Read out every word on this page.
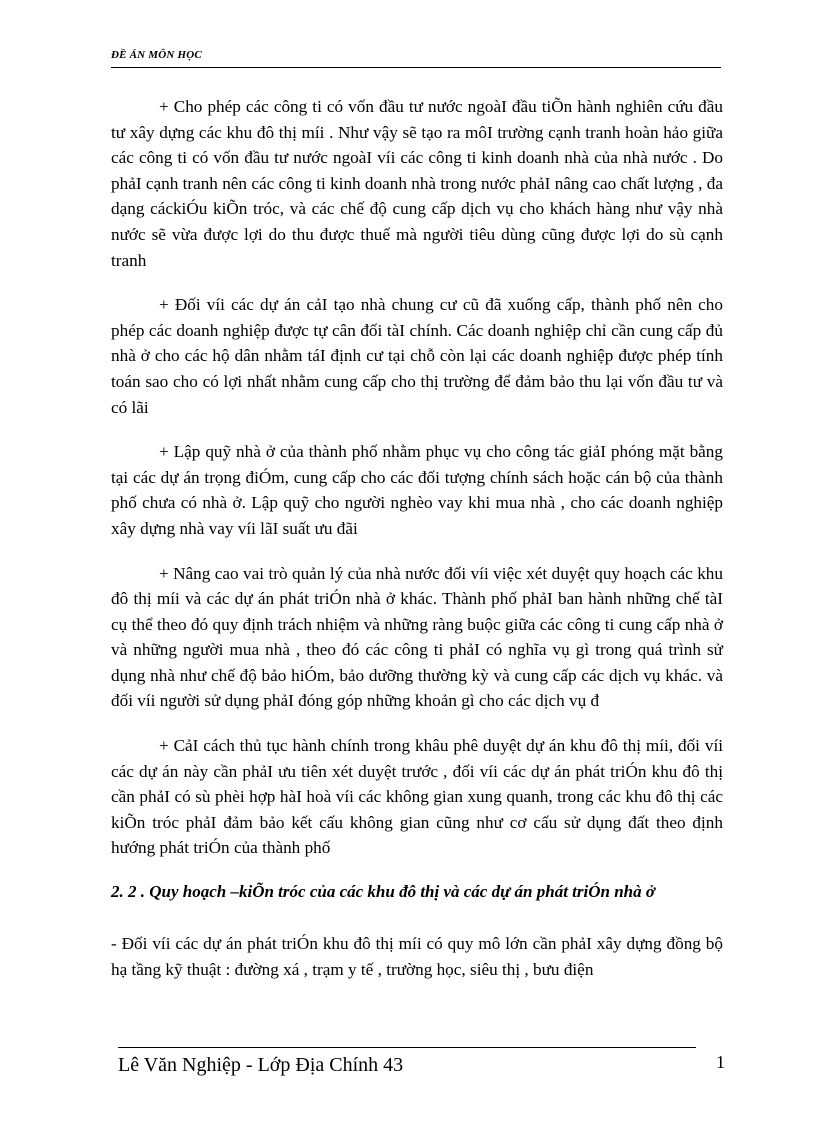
ĐỀ ÁN MÔN HỌC

+ Cho phép các công ti có vốn đầu tư nước ngoàI đầu tiÕn hành nghiên cứu đầu tư xây dựng các khu đô thị míi . Như vậy sẽ tạo ra môI trường cạnh tranh hoàn hảo giữa các công ti có vốn đầu tư nước ngoàI víi các công ti kinh doanh nhà của nhà nước . Do phảI cạnh tranh nên các công ti kinh doanh nhà trong nước phảI nâng cao chất lượng , đa dạng cáckiÓu kiÕn tróc, và các chế độ cung cấp dịch vụ cho khách hàng như vậy nhà nước sẽ vừa được lợi do thu được thuế mà người tiêu dùng cũng được lợi do sù cạnh tranh

+ Đối víi các dự án cảI tạo nhà chung cư cũ đã xuống cấp, thành phố nên cho phép các doanh nghiệp được tự cân đối tàI chính. Các doanh nghiệp chỉ cần cung cấp đủ nhà ở cho các hộ dân nhằm táI định cư tại chỗ còn lại các doanh nghiệp được phép tính toán sao cho có lợi nhất nhằm cung cấp cho thị trường để đảm bảo thu lại vốn đầu tư và có lãi

+ Lập quỹ nhà ở của thành phố nhằm phục vụ cho công tác giảI phóng mặt bằng tại các dự án trọng điÓm, cung cấp cho các đối tượng chính sách hoặc cán bộ của thành phố chưa có nhà ở. Lập quỹ cho người nghèo vay khi mua nhà , cho các doanh nghiệp xây dựng nhà vay víi lãI suất ưu đãi

+ Nâng cao vai trò quản lý của nhà nước đối víi việc xét duyệt quy hoạch các khu đô thị míi và các dự án phát triÓn nhà ở khác. Thành phố phảI ban hành những chế tàI cụ thể theo đó quy định trách nhiệm và những ràng buộc giữa các công ti cung cấp nhà ở và những người mua nhà , theo đó các công ti phảI có nghĩa vụ gì trong quá trình sử dụng nhà như chế độ bảo hiÓm, bảo dưỡng thường kỳ và cung cấp các dịch vụ khác. và đối víi người sử dụng phảI đóng góp những khoản gì cho các dịch vụ đ

+ CảI cách thủ tục hành chính trong khâu phê duyệt dự án khu đô thị míi, đối víi các dự án này cần phảI ưu tiên xét duyệt trước , đối víi các dự án phát triÓn khu đô thị cần phảI có sù phèi hợp hàI hoà víi các không gian xung quanh, trong các khu đô thị các kiÕn tróc phảI đảm bảo kết cấu không gian cũng như cơ cấu sử dụng đất theo định hướng phát triÓn của thành phố

2. 2 . Quy hoạch –kiÕn tróc của các khu đô thị và các dự án phát triÓn nhà ở

- Đối víi các dự án phát triÓn khu đô thị míi có quy mô lớn cần phảI xây dựng đồng bộ hạ tầng kỹ thuật : đường xá , trạm y tế , trường học, siêu thị , bưu điện

Lê Văn Nghiệp - Lớp Địa Chính 43	1
